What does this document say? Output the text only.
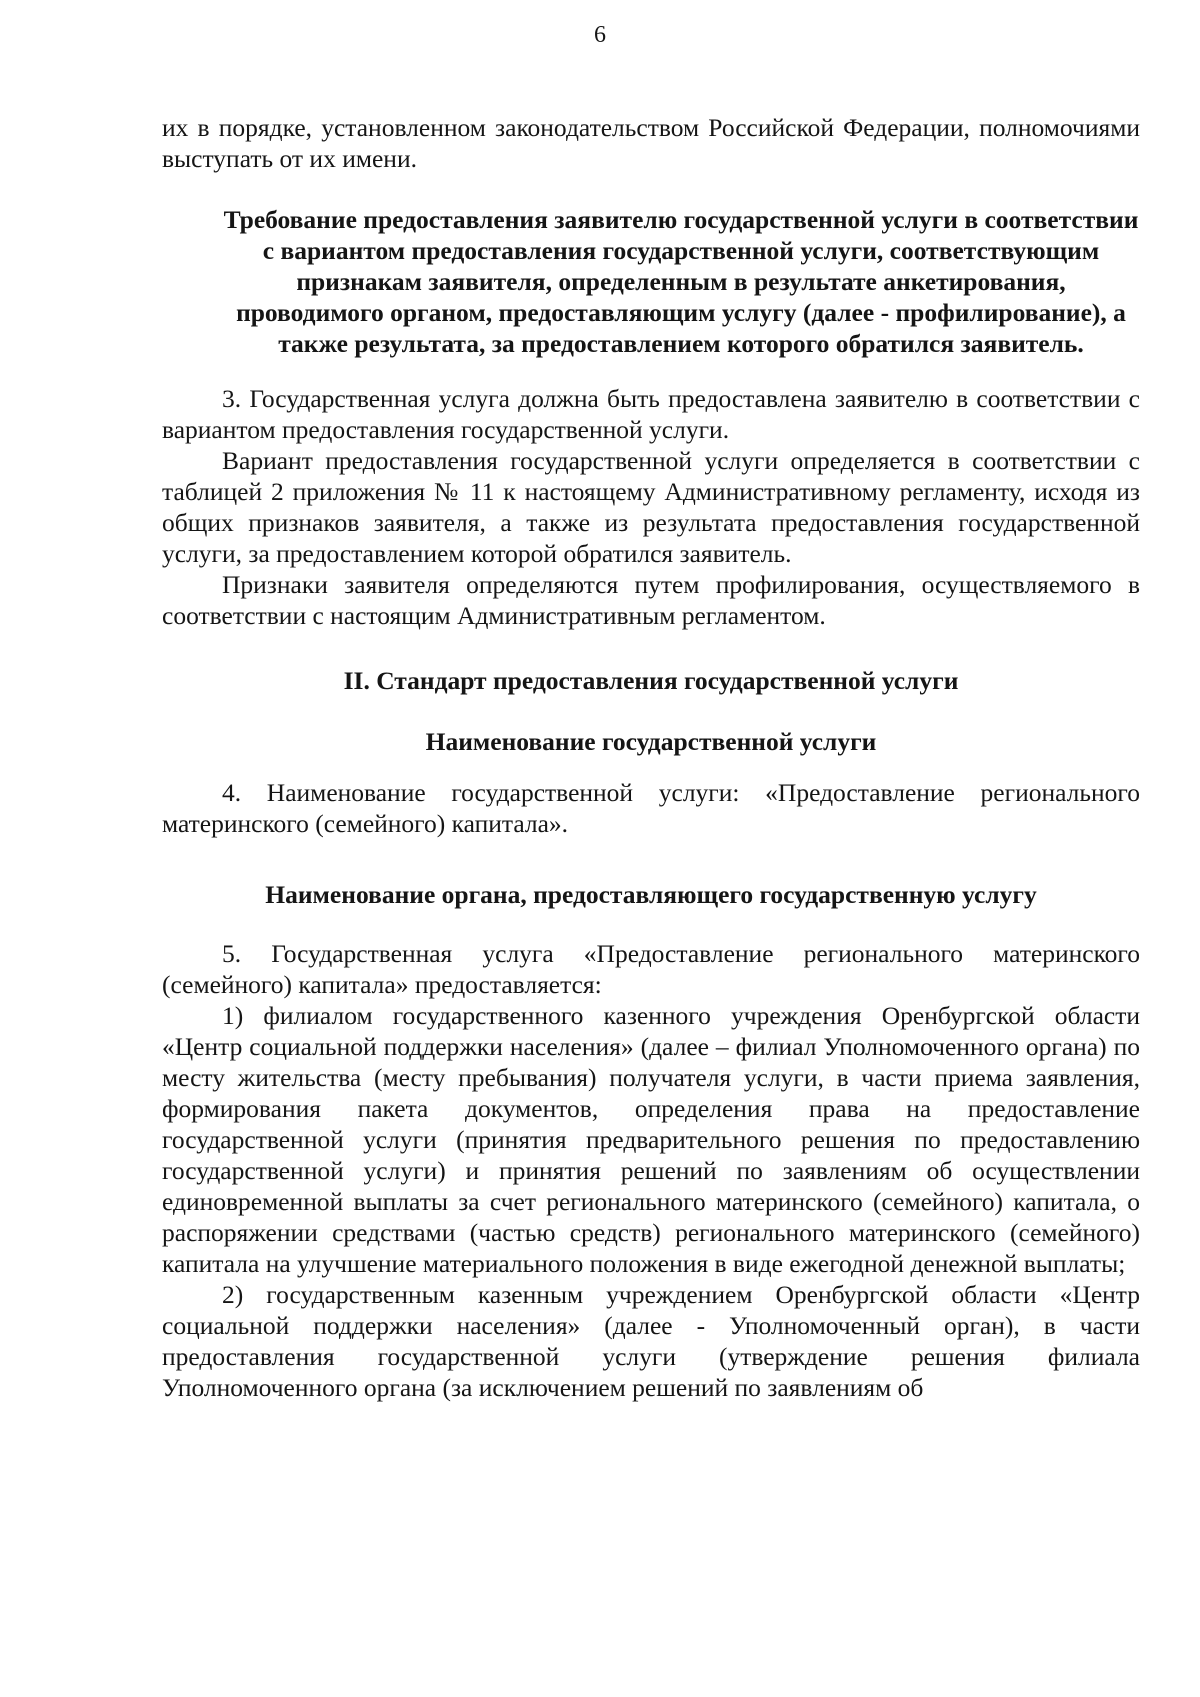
6

их в порядке, установленном законодательством Российской Федерации, полномочиями выступать от их имени.

Требование предоставления заявителю государственной услуги в соответствии с вариантом предоставления государственной услуги, соответствующим признакам заявителя, определенным в результате анкетирования, проводимого органом, предоставляющим услугу (далее - профилирование), а также результата, за предоставлением которого обратился заявитель.

3. Государственная услуга должна быть предоставлена заявителю в соответствии с вариантом предоставления государственной услуги.

Вариант предоставления государственной услуги определяется в соответствии с таблицей 2 приложения № 11 к настоящему Административному регламенту, исходя из общих признаков заявителя, а также из результата предоставления государственной услуги, за предоставлением которой обратился заявитель.

Признаки заявителя определяются путем профилирования, осуществляемого в соответствии с настоящим Административным регламентом.

II. Стандарт предоставления государственной услуги
Наименование государственной услуги

4. Наименование государственной услуги: «Предоставление регионального материнского (семейного) капитала».

Наименование органа, предоставляющего государственную услугу

5. Государственная услуга «Предоставление регионального материнского (семейного) капитала» предоставляется:

1) филиалом государственного казенного учреждения Оренбургской области «Центр социальной поддержки населения» (далее – филиал Уполномоченного органа) по месту жительства (месту пребывания) получателя услуги, в части приема заявления, формирования пакета документов, определения права на предоставление государственной услуги (принятия предварительного решения по предоставлению государственной услуги) и принятия решений по заявлениям об осуществлении единовременной выплаты за счет регионального материнского (семейного) капитала, о распоряжении средствами (частью средств) регионального материнского (семейного) капитала на улучшение материального положения в виде ежегодной денежной выплаты;

2) государственным казенным учреждением Оренбургской области «Центр социальной поддержки населения» (далее - Уполномоченный орган), в части предоставления государственной услуги (утверждение решения филиала Уполномоченного органа (за исключением решений по заявлениям об
